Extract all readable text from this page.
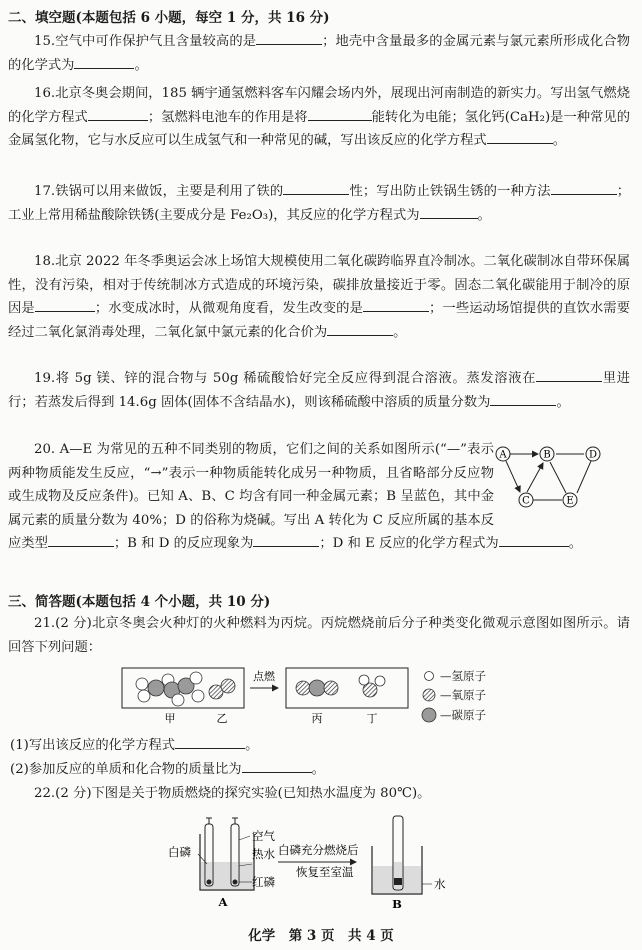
二、填空题(本题包括 6 小题，每空 1 分，共 16 分)
15.空气中可作保护气且含量较高的是	；地壳中含量最多的金属元素与氯元素所形成化合物的化学式为	。
16.北京冬奥会期间，185 辆宇通氢燃料客车闪耀会场内外，展现出河南制造的新实力。写出氢气燃烧的化学方程式	；氢燃料电池车的作用是将	能转化为电能；氢化钙(CaH₂)是一种常见的金属氢化物，它与水反应可以生成氢气和一种常见的碱，写出该反应的化学方程式	。
17.铁锅可以用来做饭，主要是利用了铁的	性；写出防止铁锅生锈的一种方法	；工业上常用稀盐酸除铁锈(主要成分是 Fe₂O₃)，其反应的化学方程式为	。
18.北京 2022 年冬季奥运会冰上场馆大规模使用二氧化碳跨临界直冷制冰。二氧化碳制冰自带环保属性，没有污染，相对于传统制冰方式造成的环境污染，碳排放量接近于零。固态二氧化碳能用于制冷的原因是	；水变成冰时，从微观角度看，发生改变的是	；一些运动场馆提供的直饮水需要经过二氧化氯消毒处理，二氧化氯中氯元素的化合价为	。
19.将 5g 镁、锌的混合物与 50g 稀硫酸恰好完全反应得到混合溶液。蒸发溶液在	里进行；若蒸发后得到 14.6g 固体(固体不含结晶水)，则该稀硫酸中溶质的质量分数为	。
20. A—E 为常见的五种不同类别的物质，它们之间的关系如图所示(“—”表示两种物质能发生反应，“→”表示一种物质能转化成另一种物质，且省略部分反应物或生成物及反应条件)。已知 A、B、C 均含有同一种金属元素；B 呈蓝色，其中金属元素的质量分数为 40%；D 的俗称为烧碱。写出 A 转化为 C 反应所属的基本反应类型	；B 和 D 的反应现象为	；D 和 E 反应的化学方程式为	。
A	B
C
D
E
三、简答题(本题包括 4 个小题，共 10 分)
21.(2 分)北京冬奥会火种灯的火种燃料为丙烷。丙烷燃烧前后分子种类变化微观示意图如图所示。请回答下列问题：
点燃
甲	乙	丙	丁
—氢原子
—氧原子
—碳原子
(1)写出该反应的化学方程式	。
(2)参加反应的单质和化合物的质量比为	。
22.(2 分)下图是关于物质燃烧的探究实验(已知热水温度为 80℃)。
白磷
空气
热水
红磷
A
白磷充分燃烧后
恢复至室温
水
B
化学　第 3 页　共 4 页
